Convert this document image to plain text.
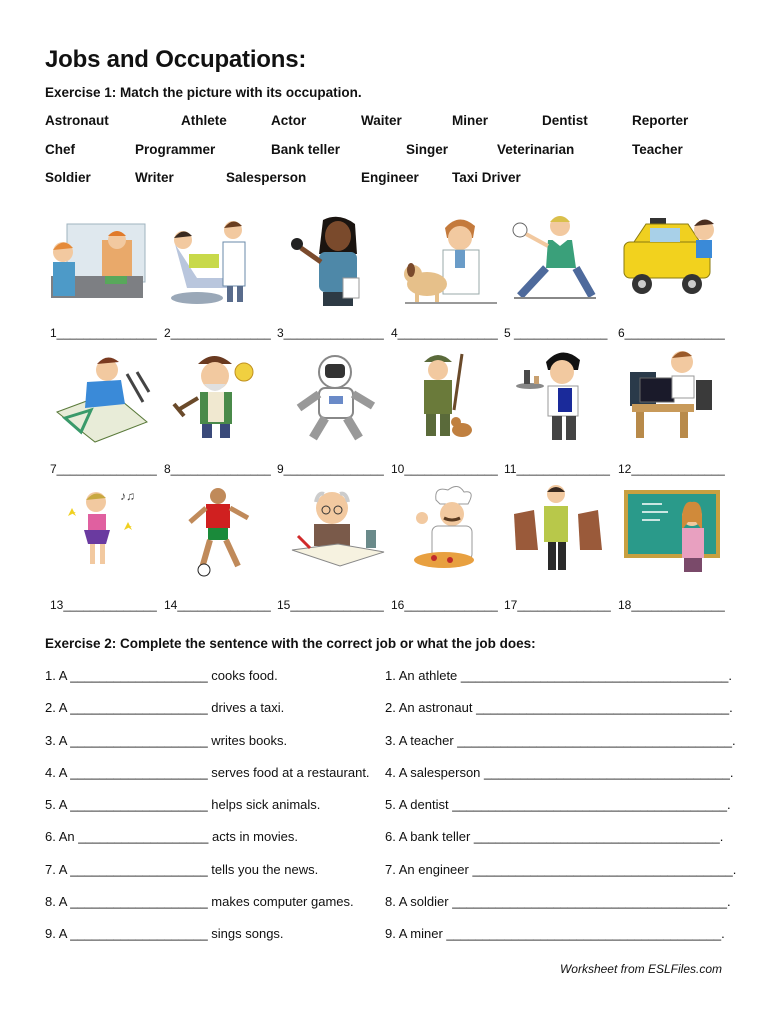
Jobs and Occupations:
Exercise 1: Match the picture with its occupation.
Astronaut	Athlete	Actor	Waiter	Miner	Dentist	Reporter
Chef	Programmer	Bank teller	Singer	Veterinarian	Teacher
Soldier	Writer	Salesperson	Engineer Taxi Driver
1_______________ 2_______________ 3_______________ 4_______________ 5 ______________ 6_______________
7_______________ 8_______________ 9_______________ 10______________ 11______________ 12______________
♪♫
13______________ 14______________ 15______________ 16______________ 17______________ 18______________
Exercise 2: Complete the sentence with the correct job or what the job does:
1. A ___________________ cooks food.
2. A ___________________ drives a taxi.
3. A ___________________ writes books.
4. A ___________________ serves food at a restaurant.
5. A ___________________ helps sick animals.
6. An __________________ acts in movies.
7. A ___________________ tells you the news.
8. A ___________________ makes computer games.
9. A ___________________ sings songs.
1. An athlete _____________________________________.
2. An astronaut ___________________________________.
3. A teacher ______________________________________.
4. A salesperson __________________________________.
5. A dentist ______________________________________.
6. A bank teller __________________________________.
7. An engineer ____________________________________.
8. A soldier ______________________________________.
9. A miner ______________________________________.
Worksheet from ESLFiles.com
